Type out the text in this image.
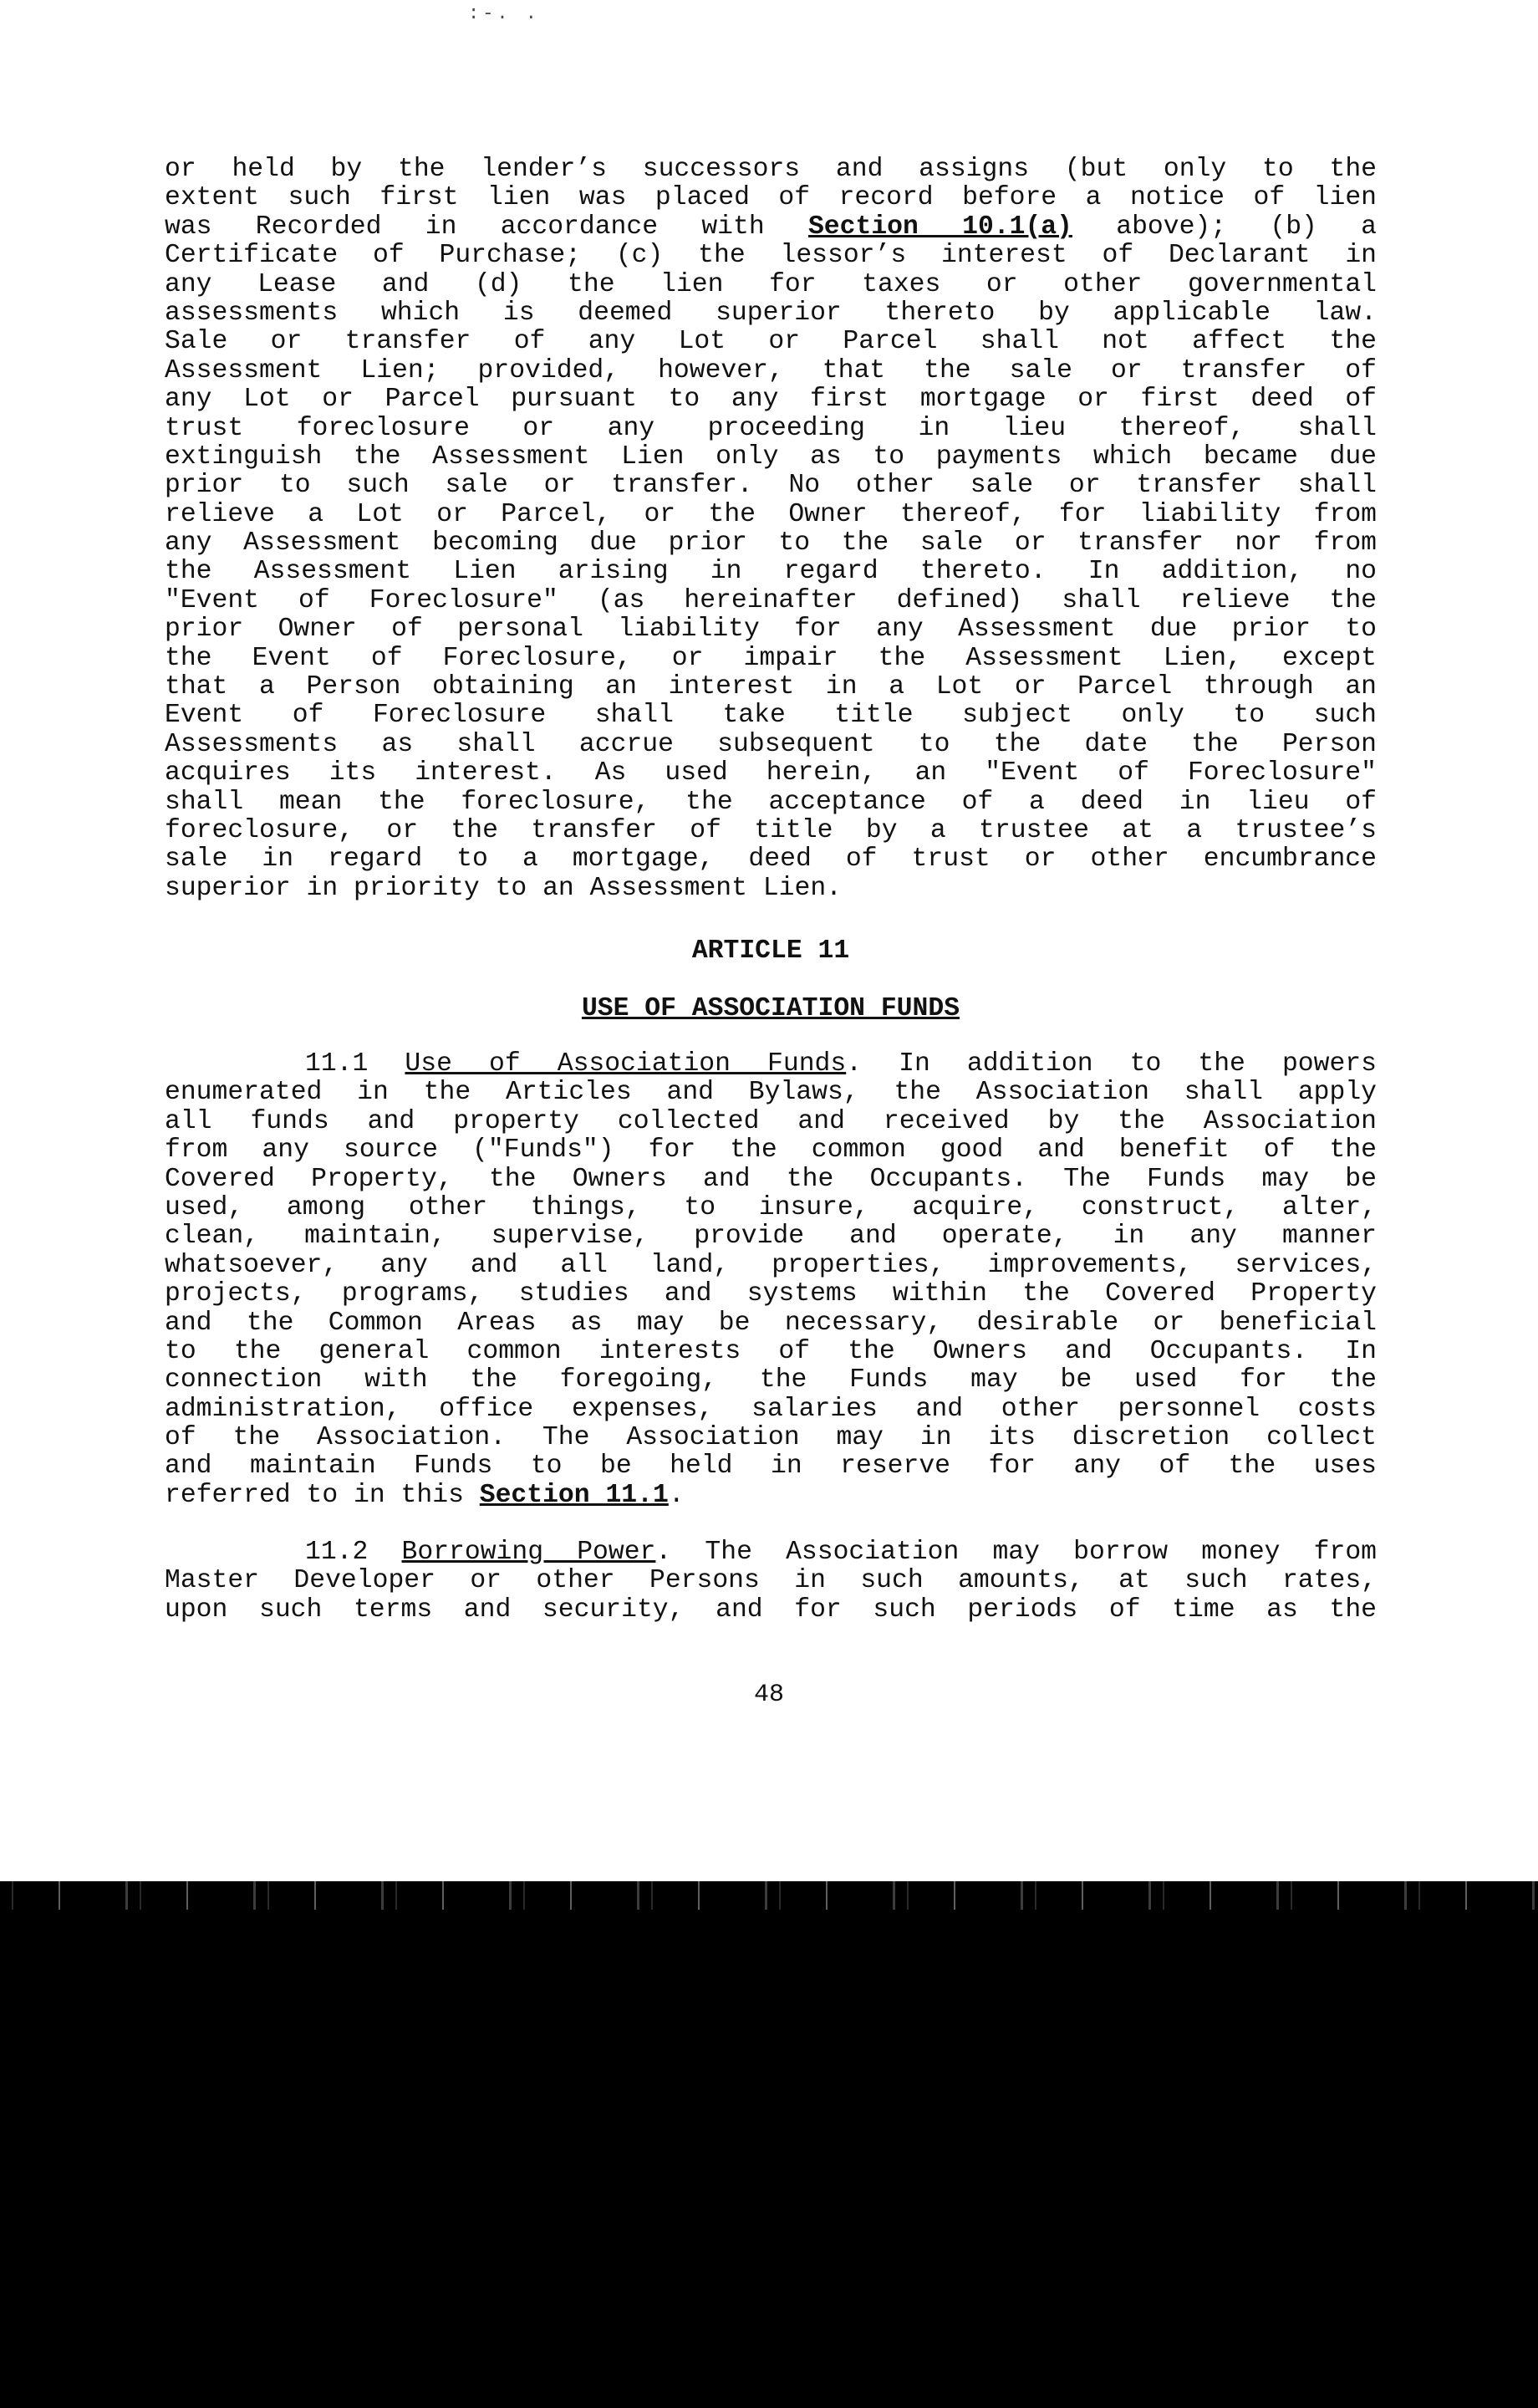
:-. .
or held by the lender’s successors and assigns (but only to the
extent such first lien was placed of record before a notice of lien
was Recorded in accordance with Section 10.1(a) above); (b) a
Certificate of Purchase; (c) the lessor’s interest of Declarant in
any Lease and (d) the lien for taxes or other governmental
assessments which is deemed superior thereto by applicable law.
Sale or transfer of any Lot or Parcel shall not affect the
Assessment Lien; provided, however, that the sale or transfer of
any Lot or Parcel pursuant to any first mortgage or first deed of
trust foreclosure or any proceeding in lieu thereof, shall
extinguish the Assessment Lien only as to payments which became due
prior to such sale or transfer. No other sale or transfer shall
relieve a Lot or Parcel, or the Owner thereof, for liability from
any Assessment becoming due prior to the sale or transfer nor from
the Assessment Lien arising in regard thereto. In addition, no
"Event of Foreclosure" (as hereinafter defined) shall relieve the
prior Owner of personal liability for any Assessment due prior to
the Event of Foreclosure, or impair the Assessment Lien, except
that a Person obtaining an interest in a Lot or Parcel through an
Event of Foreclosure shall take title subject only to such
Assessments as shall accrue subsequent to the date the Person
acquires its interest. As used herein, an "Event of Foreclosure"
shall mean the foreclosure, the acceptance of a deed in lieu of
foreclosure, or the transfer of title by a trustee at a trustee’s
sale in regard to a mortgage, deed of trust or other encumbrance
superior in priority to an Assessment Lien.
ARTICLE 11
USE OF ASSOCIATION FUNDS
11.1 Use of Association Funds. In addition to the powers
enumerated in the Articles and Bylaws, the Association shall apply
all funds and property collected and received by the Association
from any source ("Funds") for the common good and benefit of the
Covered Property, the Owners and the Occupants. The Funds may be
used, among other things, to insure, acquire, construct, alter,
clean, maintain, supervise, provide and operate, in any manner
whatsoever, any and all land, properties, improvements, services,
projects, programs, studies and systems within the Covered Property
and the Common Areas as may be necessary, desirable or beneficial
to the general common interests of the Owners and Occupants. In
connection with the foregoing, the Funds may be used for the
administration, office expenses, salaries and other personnel costs
of the Association. The Association may in its discretion collect
and maintain Funds to be held in reserve for any of the uses
referred to in this Section 11.1.
11.2 Borrowing Power. The Association may borrow money from
Master Developer or other Persons in such amounts, at such rates,
upon such terms and security, and for such periods of time as the
48
